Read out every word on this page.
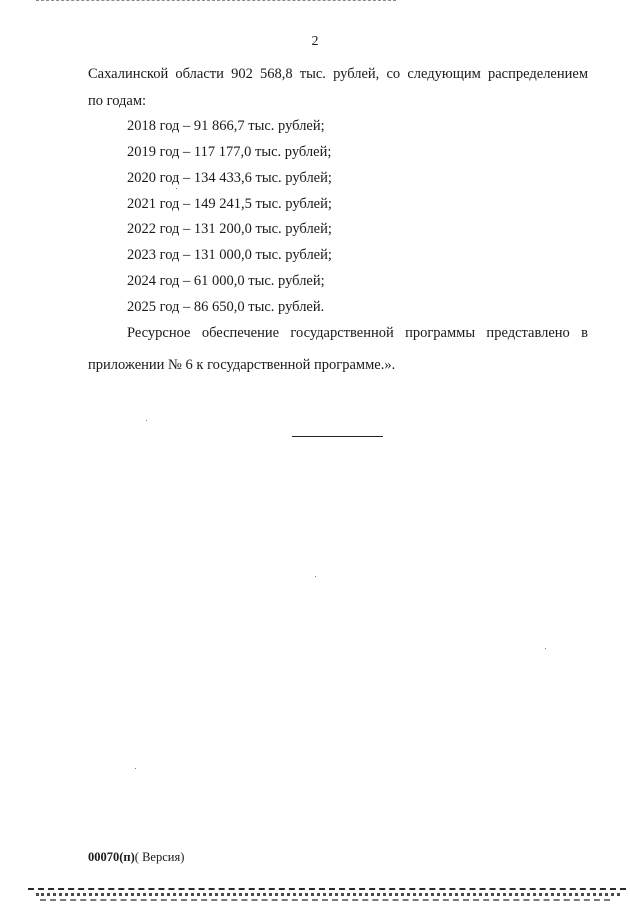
2
Сахалинской области 902 568,8 тыс. рублей, со следующим распределением
по годам:
2018 год – 91 866,7 тыс. рублей;
2019 год – 117 177,0 тыс. рублей;
2020 год – 134 433,6 тыс. рублей;
2021 год – 149 241,5 тыс. рублей;
2022 год – 131 200,0 тыс. рублей;
2023 год – 131 000,0 тыс. рублей;
2024 год – 61 000,0 тыс. рублей;
2025 год – 86 650,0 тыс. рублей.
Ресурсное обеспечение государственной программы представлено в
приложении № 6 к государственной программе.».
00070(п)( Версия)
